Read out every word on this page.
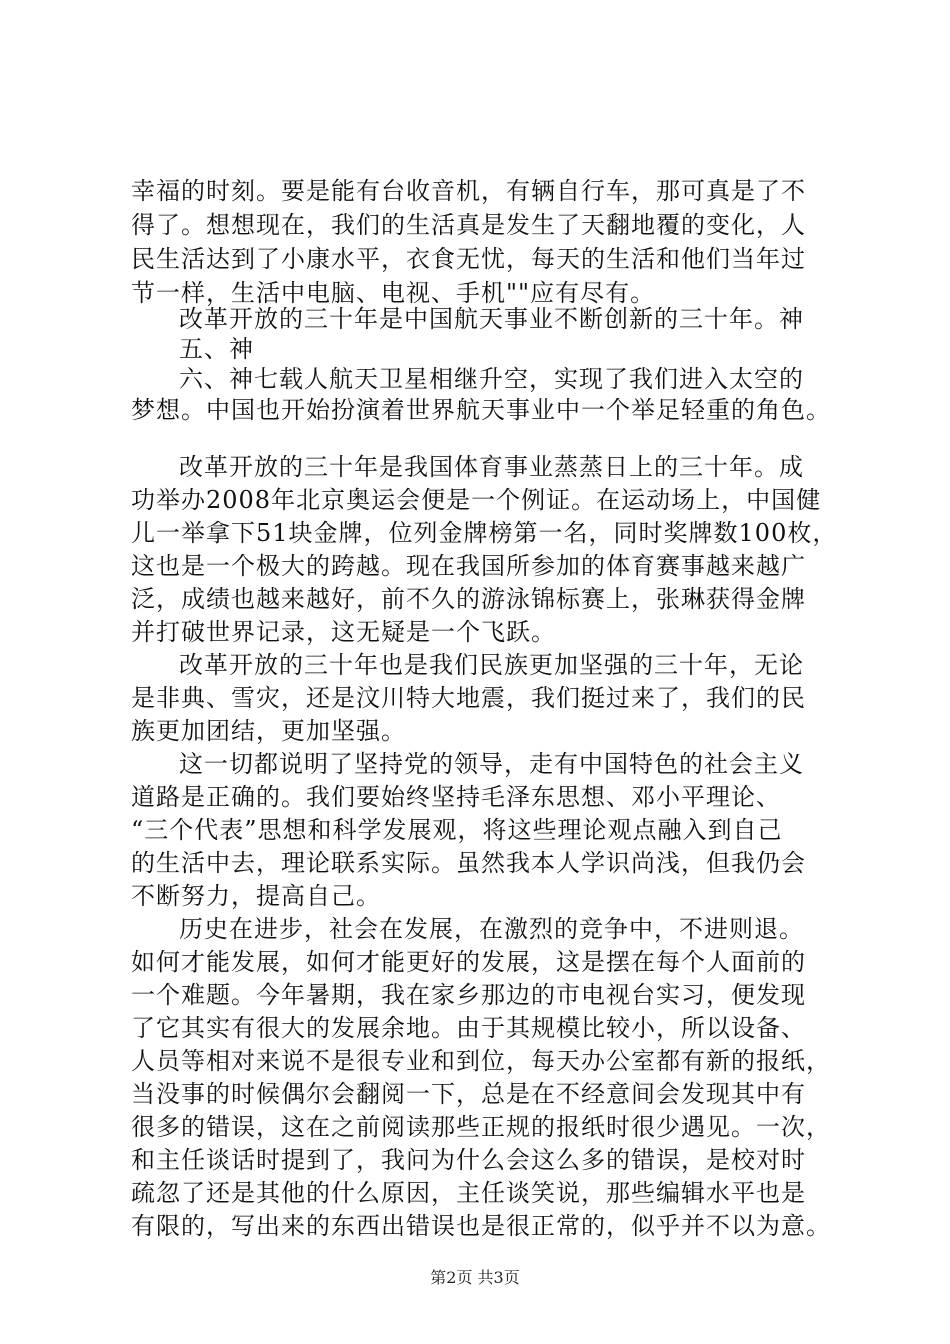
幸福的时刻。要是能有台收音机，有辆自行车，那可真是了不
得了。想想现在，我们的生活真是发生了天翻地覆的变化，人
民生活达到了小康水平，衣食无忧，每天的生活和他们当年过
节一样，生活中电脑、电视、手机""应有尽有。
改革开放的三十年是中国航天事业不断创新的三十年。神
五、神
六、神七载人航天卫星相继升空，实现了我们进入太空的
梦想。中国也开始扮演着世界航天事业中一个举足轻重的角色。
改革开放的三十年是我国体育事业蒸蒸日上的三十年。成
功举办2008年北京奥运会便是一个例证。在运动场上，中国健
儿一举拿下51块金牌，位列金牌榜第一名，同时奖牌数100枚，
这也是一个极大的跨越。现在我国所参加的体育赛事越来越广
泛，成绩也越来越好，前不久的游泳锦标赛上，张琳获得金牌
并打破世界记录，这无疑是一个飞跃。
改革开放的三十年也是我们民族更加坚强的三十年，无论
是非典、雪灾，还是汶川特大地震，我们挺过来了，我们的民
族更加团结，更加坚强。
这一切都说明了坚持党的领导，走有中国特色的社会主义
道路是正确的。我们要始终坚持毛泽东思想、邓小平理论、
“三个代表”思想和科学发展观，将这些理论观点融入到自己
的生活中去，理论联系实际。虽然我本人学识尚浅，但我仍会
不断努力，提高自己。
历史在进步，社会在发展，在激烈的竞争中，不进则退。
如何才能发展，如何才能更好的发展，这是摆在每个人面前的
一个难题。今年暑期，我在家乡那边的市电视台实习，便发现
了它其实有很大的发展余地。由于其规模比较小，所以设备、
人员等相对来说不是很专业和到位，每天办公室都有新的报纸，
当没事的时候偶尔会翻阅一下，总是在不经意间会发现其中有
很多的错误，这在之前阅读那些正规的报纸时很少遇见。一次，
和主任谈话时提到了，我问为什么会这么多的错误，是校对时
疏忽了还是其他的什么原因，主任谈笑说，那些编辑水平也是
有限的，写出来的东西出错误也是很正常的，似乎并不以为意。
第2页 共3页
